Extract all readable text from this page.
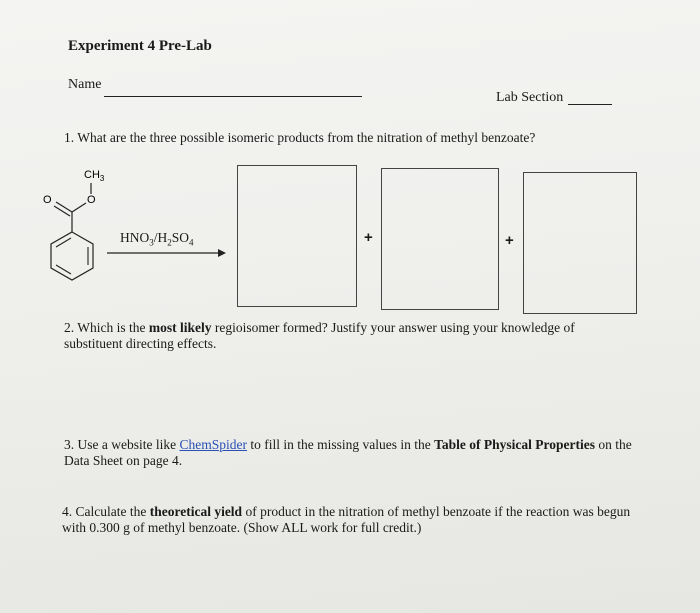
Experiment 4 Pre-Lab
Name
Lab Section
1. What are the three possible isomeric products from the nitration of methyl benzoate?
$CH_3$
O
O
$HNO_3/H_2SO_4$	+	+
2. Which is the most likely regioisomer formed? Justify your answer using your knowledge of substituent directing effects.
3. Use a website like ChemSpider to fill in the missing values in the Table of Physical Properties on the Data Sheet on page 4.
4. Calculate the theoretical yield of product in the nitration of methyl benzoate if the reaction was begun with 0.300 g of methyl benzoate. (Show ALL work for full credit.)
